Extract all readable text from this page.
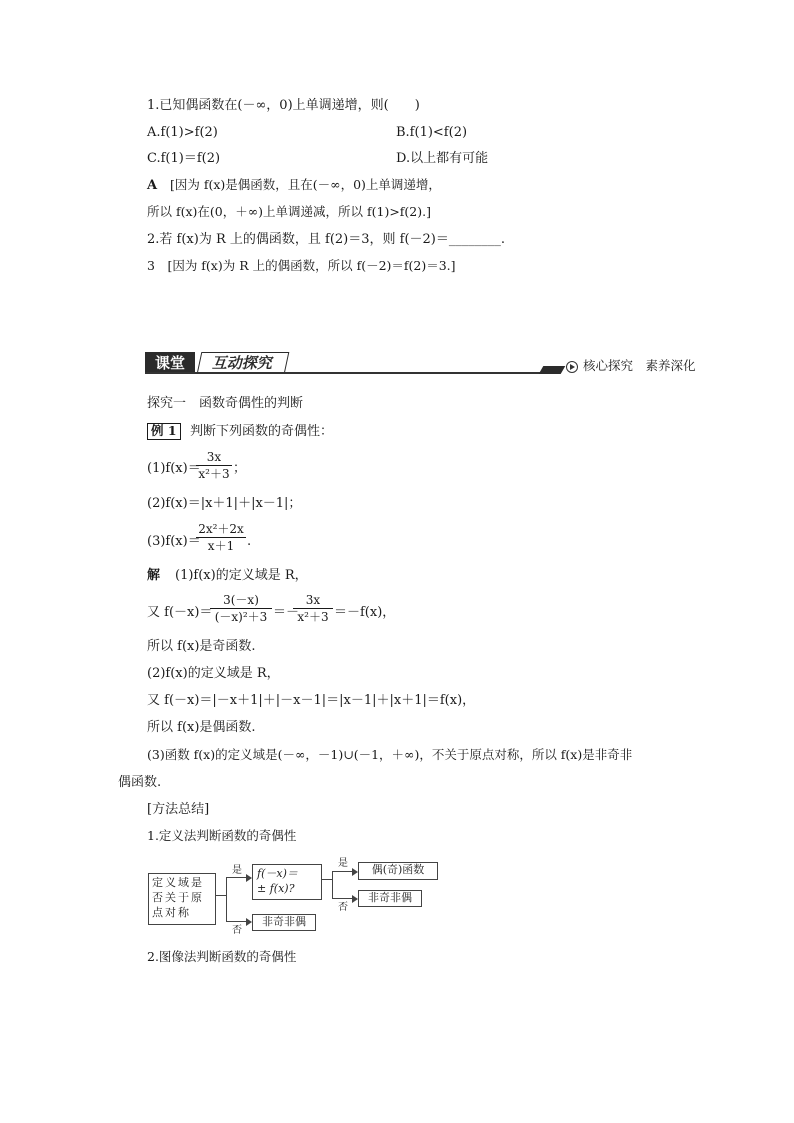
1.已知偶函数在(－∞，0)上单调递增，则(　　)
A.f(1)>f(2)	B.f(1)<f(2)
C.f(1)＝f(2)	D.以上都有可能
A [因为 f(x)是偶函数，且在(－∞，0)上单调递增，
所以 f(x)在(0，＋∞)上单调递减，所以 f(1)>f(2).]
2.若 f(x)为 R 上的偶函数，且 f(2)＝3，则 f(－2)＝________.
3　[因为 f(x)为 R 上的偶函数，所以 f(－2)＝f(2)＝3.]
课堂	互动探究	核心探究　素养深化
探究一　函数奇偶性的判断
例 1	判断下列函数的奇偶性：
(1)f(x)＝
3x
x²＋3 ；
(2)f(x)＝|x＋1|＋|x－1|；
(3)f(x)＝
2x²＋2x
x＋1 .
解 (1)f(x)的定义域是 R，
又 f(－x)＝
3(－x)
(－x)²＋3 ＝－
3x
x²＋3 ＝－f(x)，
所以 f(x)是奇函数.
(2)f(x)的定义域是 R，
又 f(－x)＝|－x＋1|＋|－x－1|＝|x－1|＋|x＋1|＝f(x)，
所以 f(x)是偶函数.
(3)函数 f(x)的定义域是(－∞，－1)∪(－1，＋∞)，不关于原点对称，所以 f(x)是非奇非
偶函数.
[方法总结]
1.定义法判断函数的奇偶性
定义域是否关于原点对称
是 f(－x)＝
± f(x)?
否
非奇非偶
是	偶(奇)函数
否
非奇非偶
2.图像法判断函数的奇偶性
